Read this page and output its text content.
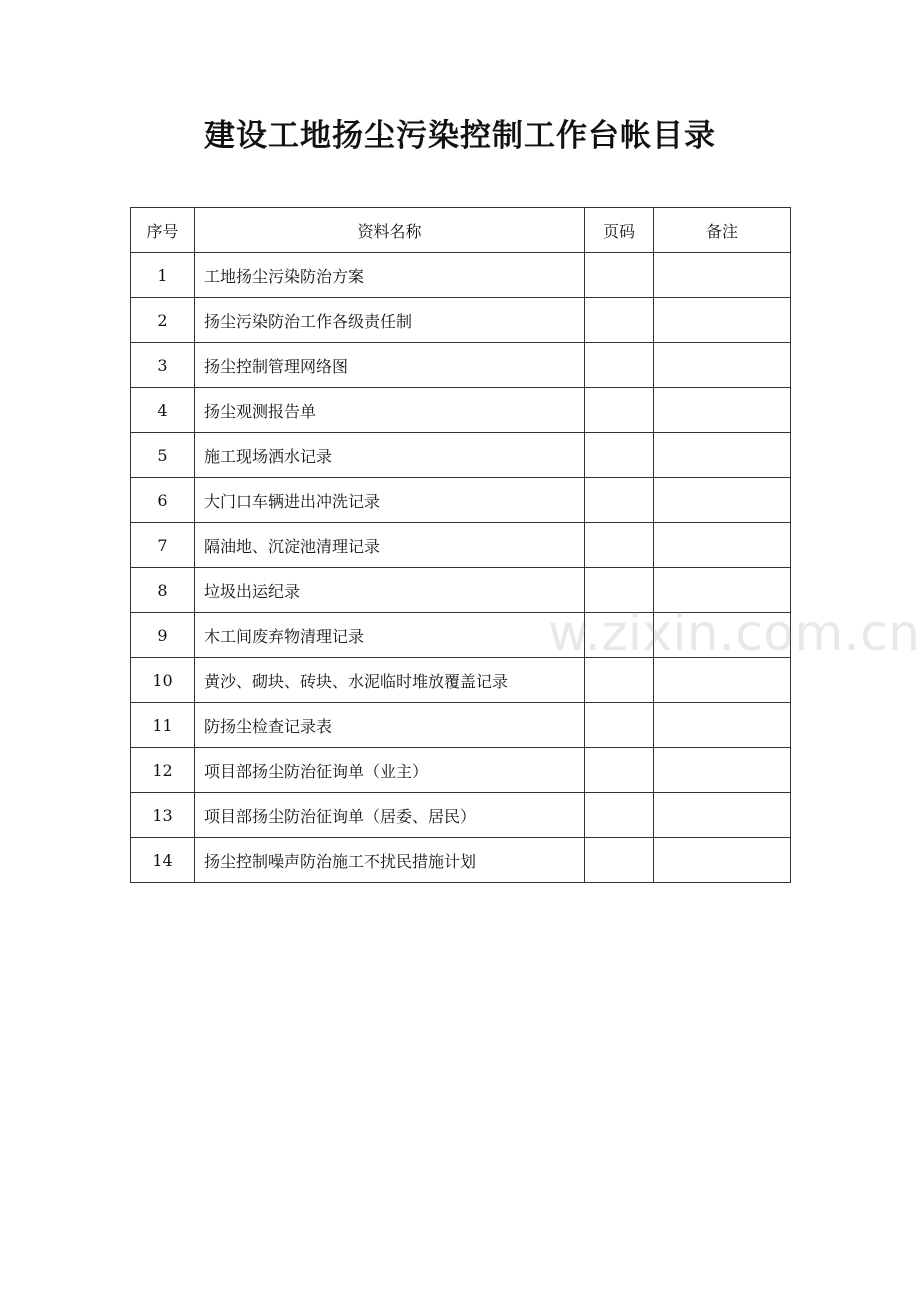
建设工地扬尘污染控制工作台帐目录
序号	资料名称	页码	备注
1	工地扬尘污染防治方案		
2	扬尘污染防治工作各级责任制		
3	扬尘控制管理网络图		
4	扬尘观测报告单		
5	施工现场洒水记录		
6	大门口车辆进出冲洗记录		
7	隔油地、沉淀池清理记录		
8	垃圾出运纪录		
9	木工间废弃物清理记录		
10	黄沙、砌块、砖块、水泥临时堆放覆盖记录		
11	防扬尘检查记录表		
12	项目部扬尘防治征询单（业主）		
13	项目部扬尘防治征询单（居委、居民）		
14	扬尘控制噪声防治施工不扰民措施计划		
w.zixin.com.cn
